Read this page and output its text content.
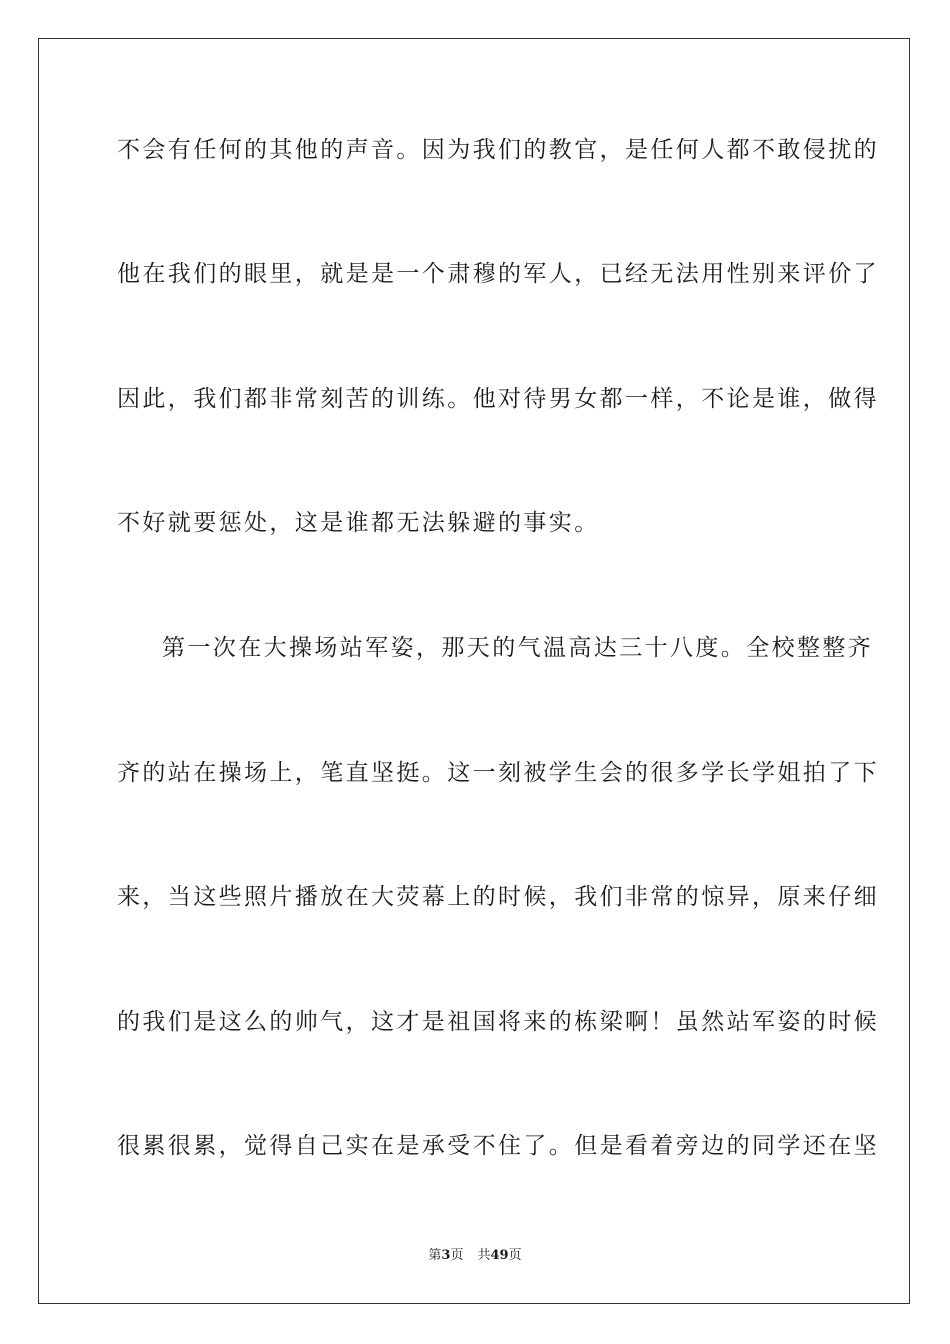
不会有任何的其他的声音。因为我们的教官，是任何人都不敢侵扰的
他在我们的眼里，就是是一个肃穆的军人，已经无法用性别来评价了
因此，我们都非常刻苦的训练。他对待男女都一样，不论是谁，做得
不好就要惩处，这是谁都无法躲避的事实。
第一次在大操场站军姿，那天的气温高达三十八度。全校整整齐
齐的站在操场上，笔直坚挺。这一刻被学生会的很多学长学姐拍了下
来，当这些照片播放在大荧幕上的时候，我们非常的惊异，原来仔细
的我们是这么的帅气，这才是祖国将来的栋梁啊！虽然站军姿的时候
很累很累，觉得自己实在是承受不住了。但是看着旁边的同学还在坚
第3页 共49页
